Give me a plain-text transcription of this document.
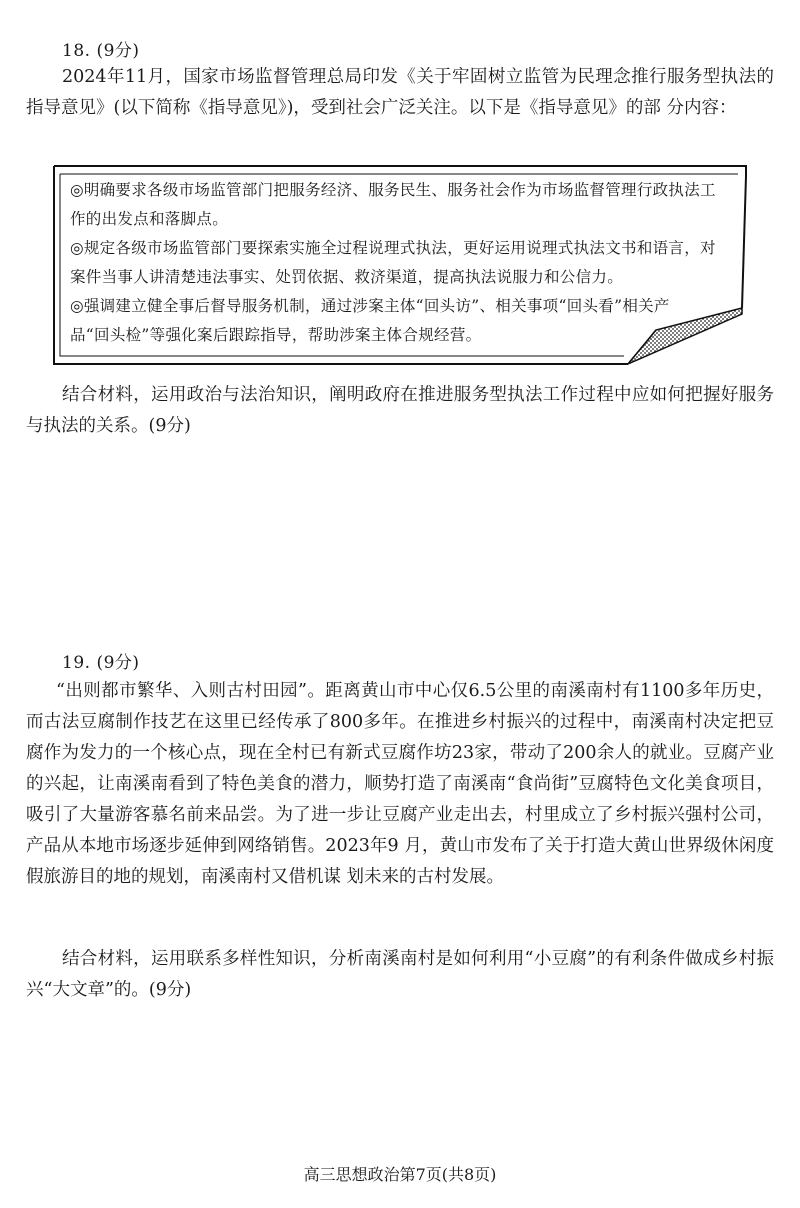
18. (9分)

2024年11月，国家市场监督管理总局印发《关于牢固树立监管为民理念推行服务型执法的指导意见》(以下简称《指导意见》)，受到社会广泛关注。以下是《指导意见》的部 分内容：

◎明确要求各级市场监管部门把服务经济、服务民生、服务社会作为市场监督管理行政执法工作的出发点和落脚点。

◎规定各级市场监管部门要探索实施全过程说理式执法，更好运用说理式执法文书和语言，对案件当事人讲清楚违法事实、处罚依据、救济渠道，提高执法说服力和公信力。

◎强调建立健全事后督导服务机制，通过涉案主体“回头访”、相关事项“回头看”相关产品“回头检”等强化案后跟踪指导，帮助涉案主体合规经营。

结合材料，运用政治与法治知识，阐明政府在推进服务型执法工作过程中应如何把握好服务与执法的关系。(9分)

19. (9分)

“出则都市繁华、入则古村田园”。距离黄山市中心仅6.5公里的南溪南村有1100多年历史，而古法豆腐制作技艺在这里已经传承了800多年。在推进乡村振兴的过程中，南溪南村决定把豆腐作为发力的一个核心点，现在全村已有新式豆腐作坊23家，带动了200余人的就业。豆腐产业的兴起，让南溪南看到了特色美食的潜力，顺势打造了南溪南“食尚街”豆腐特色文化美食项目，吸引了大量游客慕名前来品尝。为了进一步让豆腐产业走出去，村里成立了乡村振兴强村公司，产品从本地市场逐步延伸到网络销售。2023年9 月，黄山市发布了关于打造大黄山世界级休闲度假旅游目的地的规划，南溪南村又借机谋 划未来的古村发展。

结合材料，运用联系多样性知识，分析南溪南村是如何利用“小豆腐”的有利条件做成乡村振兴“大文章”的。(9分)

高三思想政治第7页(共8页)
